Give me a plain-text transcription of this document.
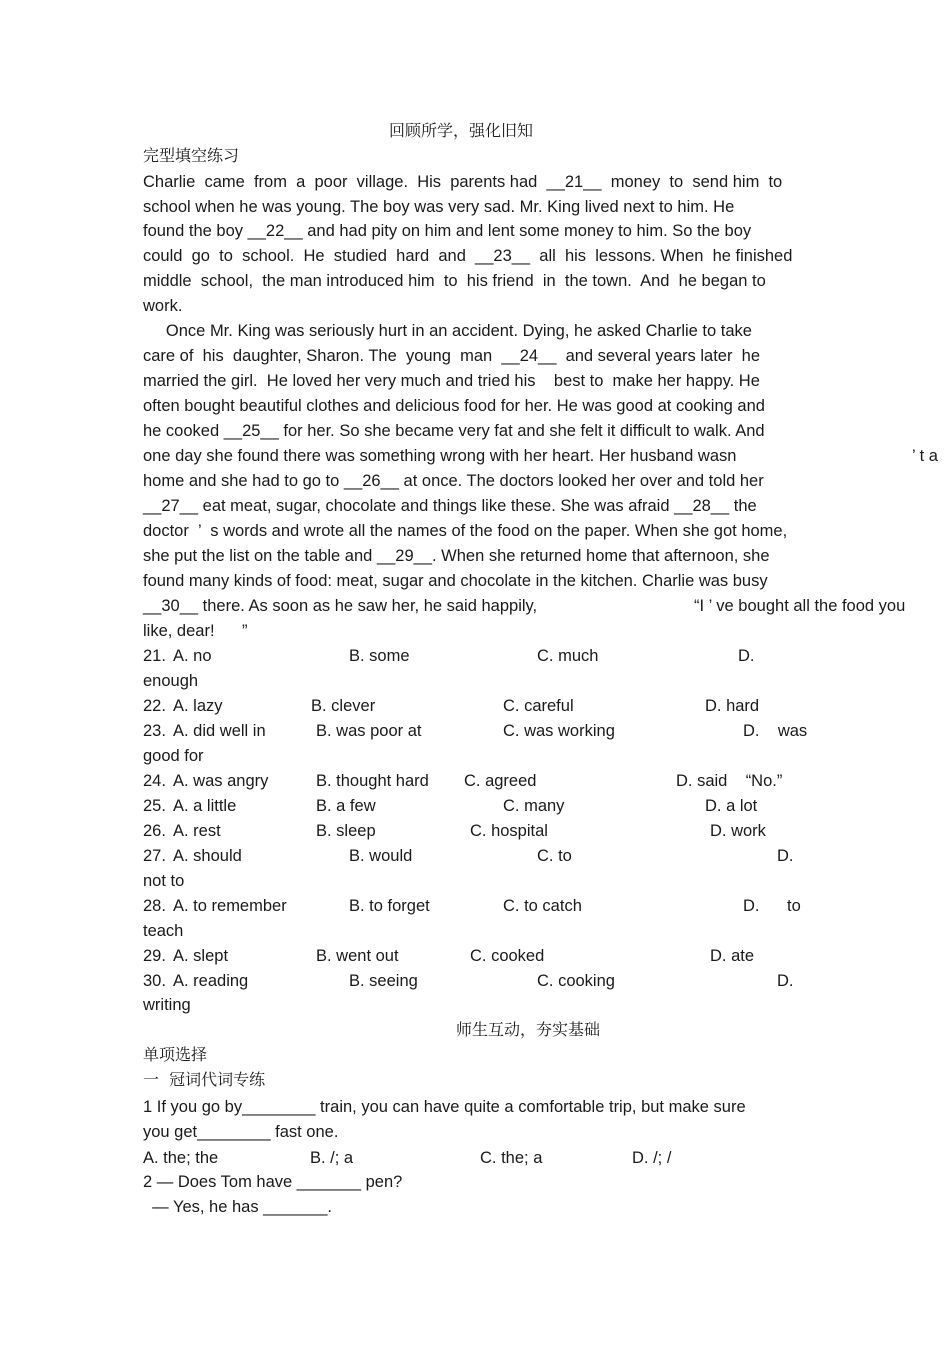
回顾所学，强化旧知
完型填空练习
Charlie  came  from  a  poor  village.  His  parents had  __21__  money  to  send him  to
school when he was young. The boy was very sad. Mr. King lived next to him. He
found the boy __22__ and had pity on him and lent some money to him. So the boy
could  go  to  school.  He  studied  hard  and  __23__  all  his  lessons. When  he finished
middle  school,  the man introduced him  to  his friend  in  the town.  And  he began to
work.
Once Mr. King was seriously hurt in an accident. Dying, he asked Charlie to take
care of  his  daughter, Sharon. The  young  man  __24__  and several years later  he
married the girl.  He loved her very much and tried his    best to  make her happy. He
often bought beautiful clothes and delicious food for her. He was good at cooking and
he cooked __25__ for her. So she became very fat and she felt it difficult to walk. And
one day she found there was something wrong with her heart. Her husband wasn	’ t a
home and she had to go to __26__ at once. The doctors looked her over and told her
__27__ eat meat, sugar, chocolate and things like these. She was afraid __28__ the
doctor  ’  s words and wrote all the names of the food on the paper. When she got home,
she put the list on the table and __29__. When she returned home that afternoon, she
found many kinds of food: meat, sugar and chocolate in the kitchen. Charlie was busy
__30__ there. As soon as he saw her, he said happily,	“I ’ ve bought all the food you
like, dear!      ”
21. A. no	B. some	C. much	D.
enough
22. A. lazy	B. clever	C. careful	D. hard
23. A. did well in	B. was poor at	C. was working	D.    was
good for
24. A. was angry	B. thought hard C. agreed	D. said    “No.”
25. A. a little	B. a few	C. many	D. a lot
26. A. rest	B. sleep	C. hospital	D. work
27. A. should	B. would	C. to	D.
not to
28. A. to remember	B. to forget	C. to catch	D.      to
teach
29. A. slept	B. went out	C. cooked	D. ate
30. A. reading	B. seeing	C. cooking	D.
writing
师生互动，夯实基础
单项选择
一  冠词代词专练
1 If you go by________ train, you can have quite a comfortable trip, but make sure
you get________ fast one.
A. the; the	B. /; a	C. the; a	D. /; /
2 — Does Tom have _______ pen?
— Yes, he has _______.
